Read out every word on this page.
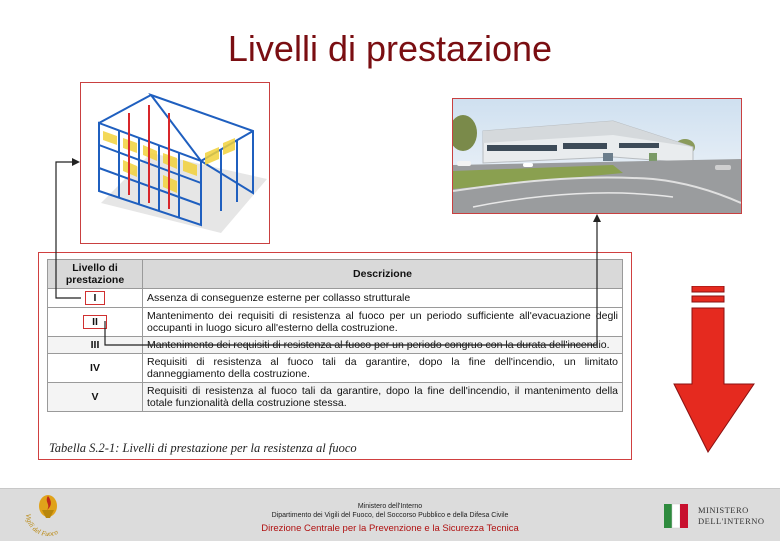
Livelli di prestazione
Livello di prestazione	Descrizione
I	Assenza di conseguenze esterne per collasso strutturale
II	Mantenimento dei requisiti di resistenza al fuoco per un periodo sufficiente all'evacuazione degli occupanti in luogo sicuro all'esterno della costruzione.
III	Mantenimento dei requisiti di resistenza al fuoco per un periodo congruo con la durata dell'incendio.
IV	Requisiti di resistenza al fuoco tali da garantire, dopo la fine dell'incendio, un limitato danneggiamento della costruzione.
V	Requisiti di resistenza al fuoco tali da garantire, dopo la fine dell'incendio, il mantenimento della totale funzionalità della costruzione stessa.
Tabella S.2-1: Livelli di prestazione per la resistenza al fuoco
Ministero dell'Interno
Dipartimento dei Vigili del Fuoco, del Soccorso Pubblico e della Difesa Civile
Direzione Centrale per la Prevenzione e la Sicurezza Tecnica
Vigili del Fuoco
MINISTERO
DELL'INTERNO
